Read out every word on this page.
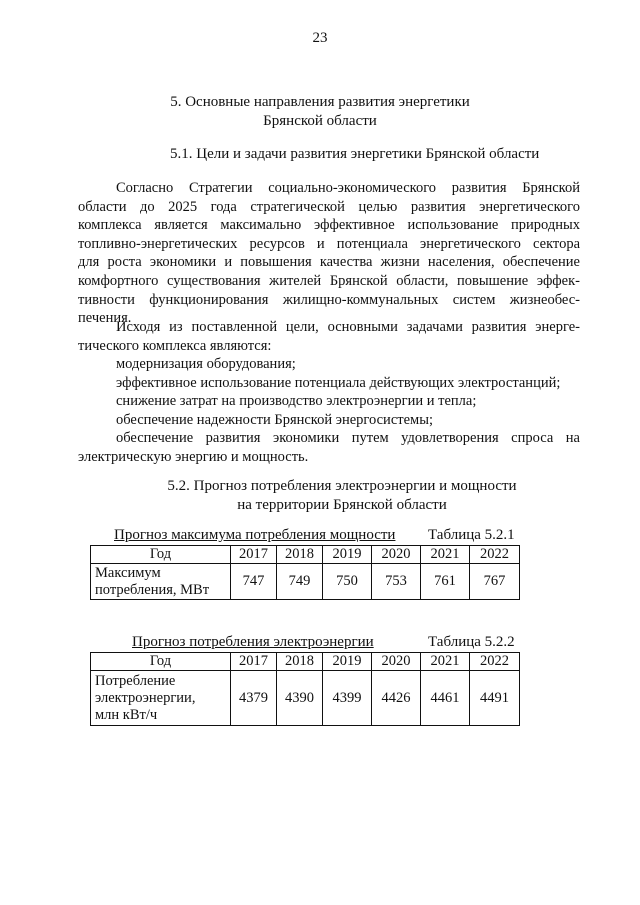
23
5. Основные направления развития энергетики
Брянской области
5.1. Цели и задачи развития энергетики Брянской области
Согласно Стратегии социально-экономического развития Брянской
области до 2025 года стратегической целью развития энергетического
комплекса является максимально эффективное использование природных
топливно-энергетических ресурсов и потенциала энергетического сектора
для роста экономики и повышения качества жизни населения, обеспечение
комфортного существования жителей Брянской области, повышение эффек-
тивности функционирования жилищно-коммунальных систем жизнеобес-
печения.
Исходя из поставленной цели, основными задачами развития энерге-
тического комплекса являются:
модернизация оборудования;
эффективное использование потенциала действующих электростанций;
снижение затрат на производство электроэнергии и тепла;
обеспечение надежности Брянской энергосистемы;
обеспечение развития экономики путем удовлетворения спроса на
электрическую энергию и мощность.
5.2. Прогноз потребления электроэнергии и мощности
на территории Брянской области
Прогноз максимума потребления мощности Таблица 5.2.1
Год	2017	2018	2019	2020	2021	2022

Максимум
потребления, МВт	747	749	750	753	761	767
Прогноз потребления электроэнергии	Таблица 5.2.2
Год	2017	2018	2019	2020	2021	2022

Потребление
электроэнергии,
млн кВт/ч	4379	4390	4399	4426	4461	4491
